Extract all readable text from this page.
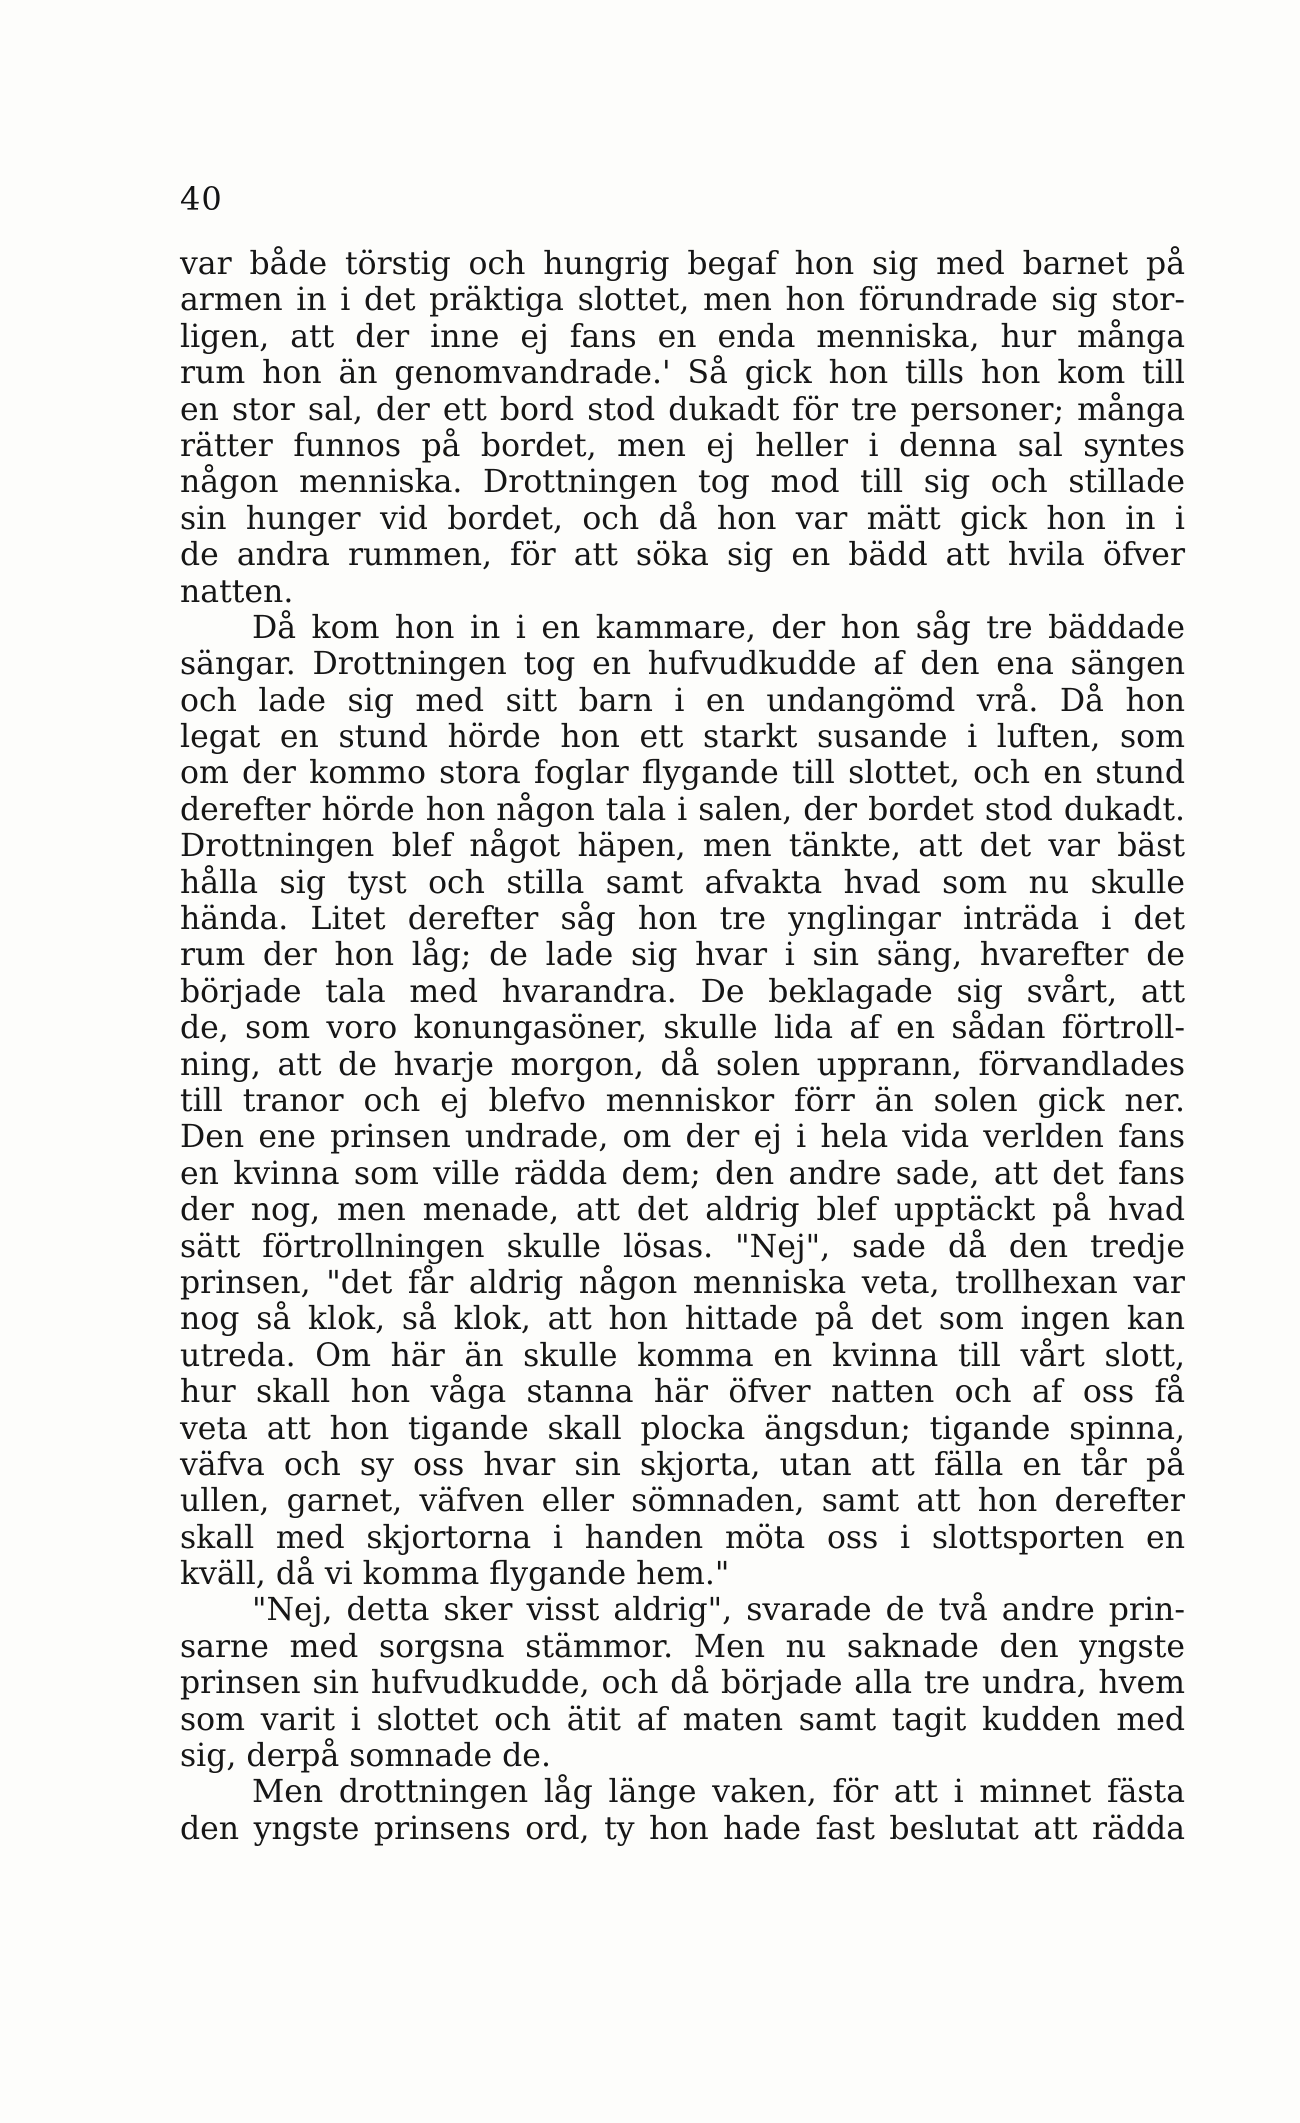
40
var både törstig och hungrig begaf hon sig med barnet på
armen in i det präktiga slottet, men hon förundrade sig stor-
ligen, att der inne ej fans en enda menniska, hur många
rum hon än genomvandrade.' Så gick hon tills hon kom till
en stor sal, der ett bord stod dukadt för tre personer; många
rätter funnos på bordet, men ej heller i denna sal syntes
någon menniska. Drottningen tog mod till sig och stillade
sin hunger vid bordet, och då hon var mätt gick hon in i
de andra rummen, för att söka sig en bädd att hvila öfver
natten.
Då kom hon in i en kammare, der hon såg tre bäddade
sängar. Drottningen tog en hufvudkudde af den ena sängen
och lade sig med sitt barn i en undangömd vrå. Då hon
legat en stund hörde hon ett starkt susande i luften, som
om der kommo stora foglar flygande till slottet, och en stund
derefter hörde hon någon tala i salen, der bordet stod dukadt.
Drottningen blef något häpen, men tänkte, att det var bäst
hålla sig tyst och stilla samt afvakta hvad som nu skulle
hända. Litet derefter såg hon tre ynglingar inträda i det
rum der hon låg; de lade sig hvar i sin säng, hvarefter de
började tala med hvarandra. De beklagade sig svårt, att
de, som voro konungasöner, skulle lida af en sådan förtroll-
ning, att de hvarje morgon, då solen upprann, förvandlades
till tranor och ej blefvo menniskor förr än solen gick ner.
Den ene prinsen undrade, om der ej i hela vida verlden fans
en kvinna som ville rädda dem; den andre sade, att det fans
der nog, men menade, att det aldrig blef upptäckt på hvad
sätt förtrollningen skulle lösas. "Nej", sade då den tredje
prinsen, "det får aldrig någon menniska veta, trollhexan var
nog så klok, så klok, att hon hittade på det som ingen kan
utreda. Om här än skulle komma en kvinna till vårt slott,
hur skall hon våga stanna här öfver natten och af oss få
veta att hon tigande skall plocka ängsdun; tigande spinna,
väfva och sy oss hvar sin skjorta, utan att fälla en tår på
ullen, garnet, väfven eller sömnaden, samt att hon derefter
skall med skjortorna i handen möta oss i slottsporten en
kväll, då vi komma flygande hem."
"Nej, detta sker visst aldrig", svarade de två andre prin-
sarne med sorgsna stämmor. Men nu saknade den yngste
prinsen sin hufvudkudde, och då började alla tre undra, hvem
som varit i slottet och ätit af maten samt tagit kudden med
sig, derpå somnade de.
Men drottningen låg länge vaken, för att i minnet fästa
den yngste prinsens ord, ty hon hade fast beslutat att rädda
